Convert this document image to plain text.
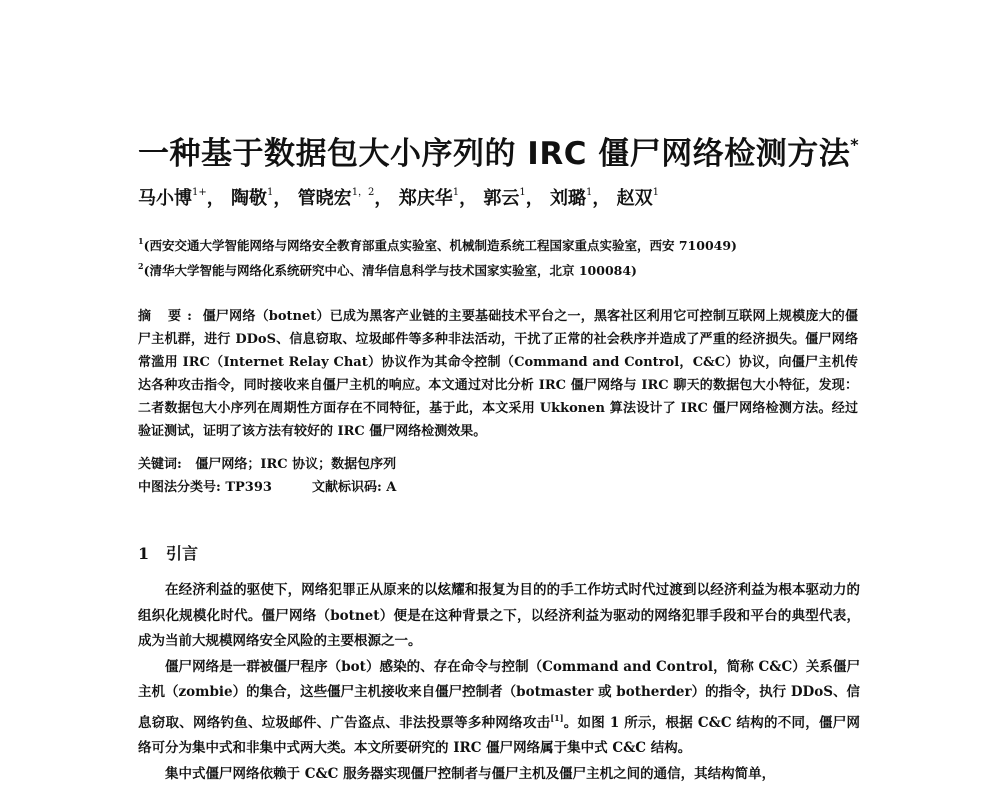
一种基于数据包大小序列的 IRC 僵尸网络检测方法*
马小博$^{1+}$， 陶敬$^1$， 管晓宏$^{1,2}$， 郑庆华$^1$， 郭云$^1$， 刘璐$^1$， 赵双$^1$
$^1$(西安交通大学智能网络与网络安全教育部重点实验室、机械制造系统工程国家重点实验室，西安 710049)
$^2$(清华大学智能与网络化系统研究中心、清华信息科学与技术国家实验室，北京 100084)
摘 要: 僵尸网络（botnet）已成为黑客产业链的主要基础技术平台之一，黑客社区利用它可控制互联网上规模庞大的僵尸主机群，进行 DDoS、信息窃取、垃圾邮件等多种非法活动，干扰了正常的社会秩序并造成了严重的经济损失。僵尸网络常滥用 IRC（Internet Relay Chat）协议作为其命令控制（Command and Control，C&C）协议，向僵尸主机传达各种攻击指令，同时接收来自僵尸主机的响应。本文通过对比分析 IRC 僵尸网络与 IRC 聊天的数据包大小特征，发现：二者数据包大小序列在周期性方面存在不同特征，基于此，本文采用 Ukkonen 算法设计了 IRC 僵尸网络检测方法。经过验证测试，证明了该方法有较好的 IRC 僵尸网络检测效果。
关键词: 僵尸网络；IRC 协议；数据包序列
中图法分类号: TP393	文献标识码: A
1 引言

在经济利益的驱使下，网络犯罪正从原来的以炫耀和报复为目的的手工作坊式时代过渡到以经济利益为根本驱动力的组织化规模化时代。僵尸网络（botnet）便是在这种背景之下，以经济利益为驱动的网络犯罪手段和平台的典型代表，成为当前大规模网络安全风险的主要根源之一。

僵尸网络是一群被僵尸程序（bot）感染的、存在命令与控制（Command and Control，简称 C&C）关系僵尸主机（zombie）的集合，这些僵尸主机接收来自僵尸控制者（botmaster 或 botherder）的指令，执行 DDoS、信息窃取、网络钓鱼、垃圾邮件、广告盗点、非法投票等多种网络攻击[1]。如图 1 所示，根据 C&C 结构的不同，僵尸网络可分为集中式和非集中式两大类。本文所要研究的 IRC 僵尸网络属于集中式 C&C 结构。

集中式僵尸网络依赖于 C&C 服务器实现僵尸控制者与僵尸主机及僵尸主机之间的通信，其结构简单，
